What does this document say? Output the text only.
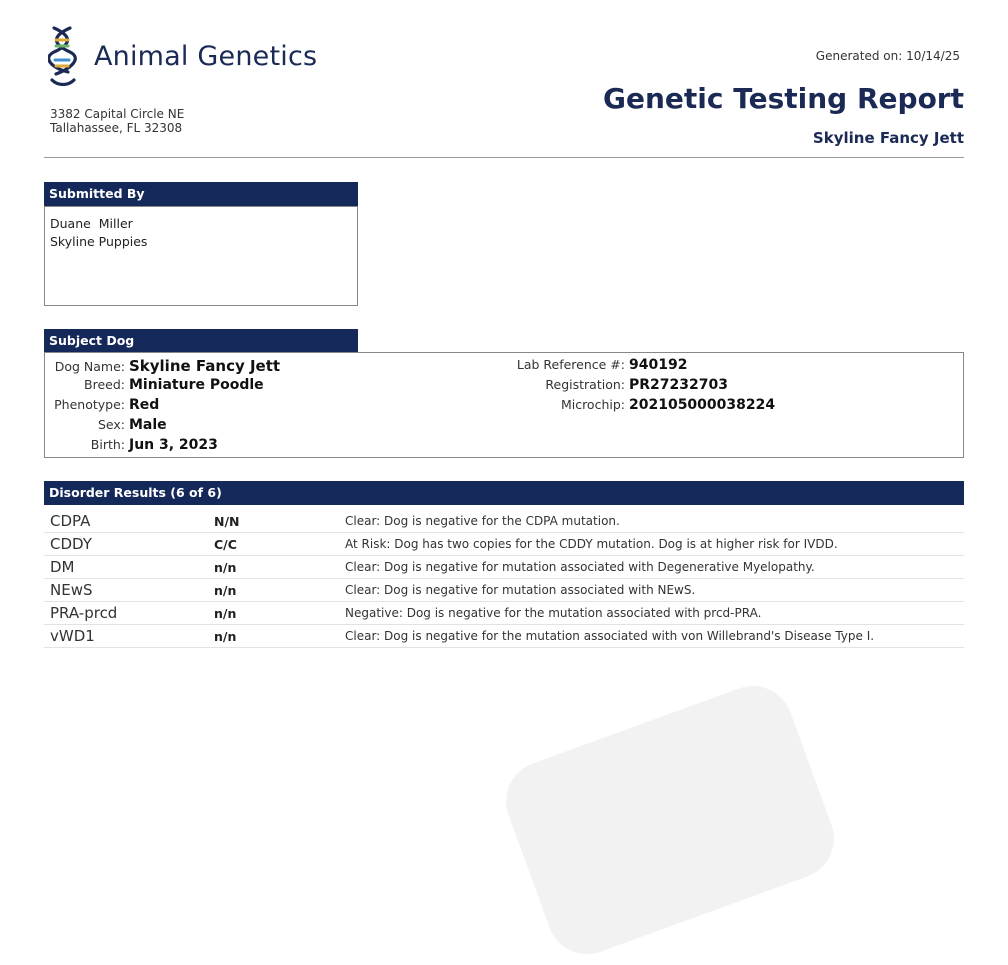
Animal Genetics
3382 Capital Circle NE
Tallahassee, FL 32308
Generated on: 10/14/25
Genetic Testing Report
Skyline Fancy Jett
Submitted By
Duane  Miller
Skyline Puppies
Subject Dog
Dog Name: Skyline Fancy Jett
Breed: Miniature Poodle
Phenotype: Red
Sex: Male
Birth: Jun 3, 2023
Lab Reference #: 940192
Registration: PR27232703
Microchip: 202105000038224
Disorder Results (6 of 6)
CDPA	N/N	Clear: Dog is negative for the CDPA mutation.
CDDY	C/C	At Risk: Dog has two copies for the CDDY mutation. Dog is at higher risk for IVDD.
DM	n/n	Clear: Dog is negative for mutation associated with Degenerative Myelopathy.
NEwS	n/n	Clear: Dog is negative for mutation associated with NEwS.
PRA-prcd	n/n	Negative: Dog is negative for the mutation associated with prcd-PRA.
vWD1	n/n	Clear: Dog is negative for the mutation associated with von Willebrand's Disease Type I.
